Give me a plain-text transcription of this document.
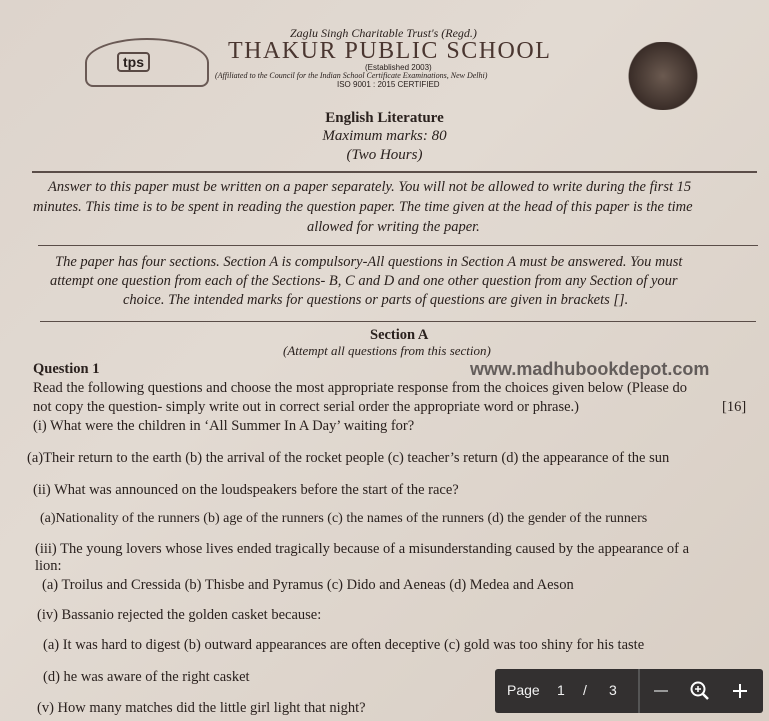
tps
Zaglu Singh Charitable Trust's (Regd.)
THAKUR PUBLIC SCHOOL
(Established 2003)
(Affiliated to the Council for the Indian School Certificate Examinations, New Delhi)
ISO 9001 : 2015 CERTIFIED
English Literature
Maximum marks: 80
(Two Hours)
Answer to this paper must be written on a paper separately. You will not be allowed to write during the first 15
minutes. This time is to be spent in reading the question paper. The time given at the head of this paper is the time
allowed for writing the paper.
The paper has four sections. Section A is compulsory-All questions in Section A must be answered. You must
attempt one question from each of the Sections- B, C and D and one other question from any Section of your
choice. The intended marks for questions or parts of questions are given in brackets [].
Section A
(Attempt all questions from this section)
www.madhubookdepot.com
Question 1
Read the following questions and choose the most appropriate response from the choices given below (Please do
not copy the question- simply write out in correct serial order the appropriate word or phrase.)	[16]
(i) What were the children in ‘All Summer In A Day’ waiting for?
(a)Their return to the earth (b) the arrival of the rocket people (c) teacher’s return (d) the appearance of the sun
(ii) What was announced on the loudspeakers before the start of the race?
(a)Nationality of the runners (b) age of the runners (c) the names of the runners (d) the gender of the runners
(iii) The young lovers whose lives ended tragically because of a misunderstanding caused by the appearance of a
lion:
(a) Troilus and Cressida (b) Thisbe and Pyramus (c) Dido and Aeneas (d) Medea and Aeson
(iv) Bassanio rejected the golden casket because:
(a) It was hard to digest (b) outward appearances are often deceptive (c) gold was too shiny for his taste
(d) he was aware of the right casket
(v) How many matches did the little girl light that night?
Page 1 / 3
